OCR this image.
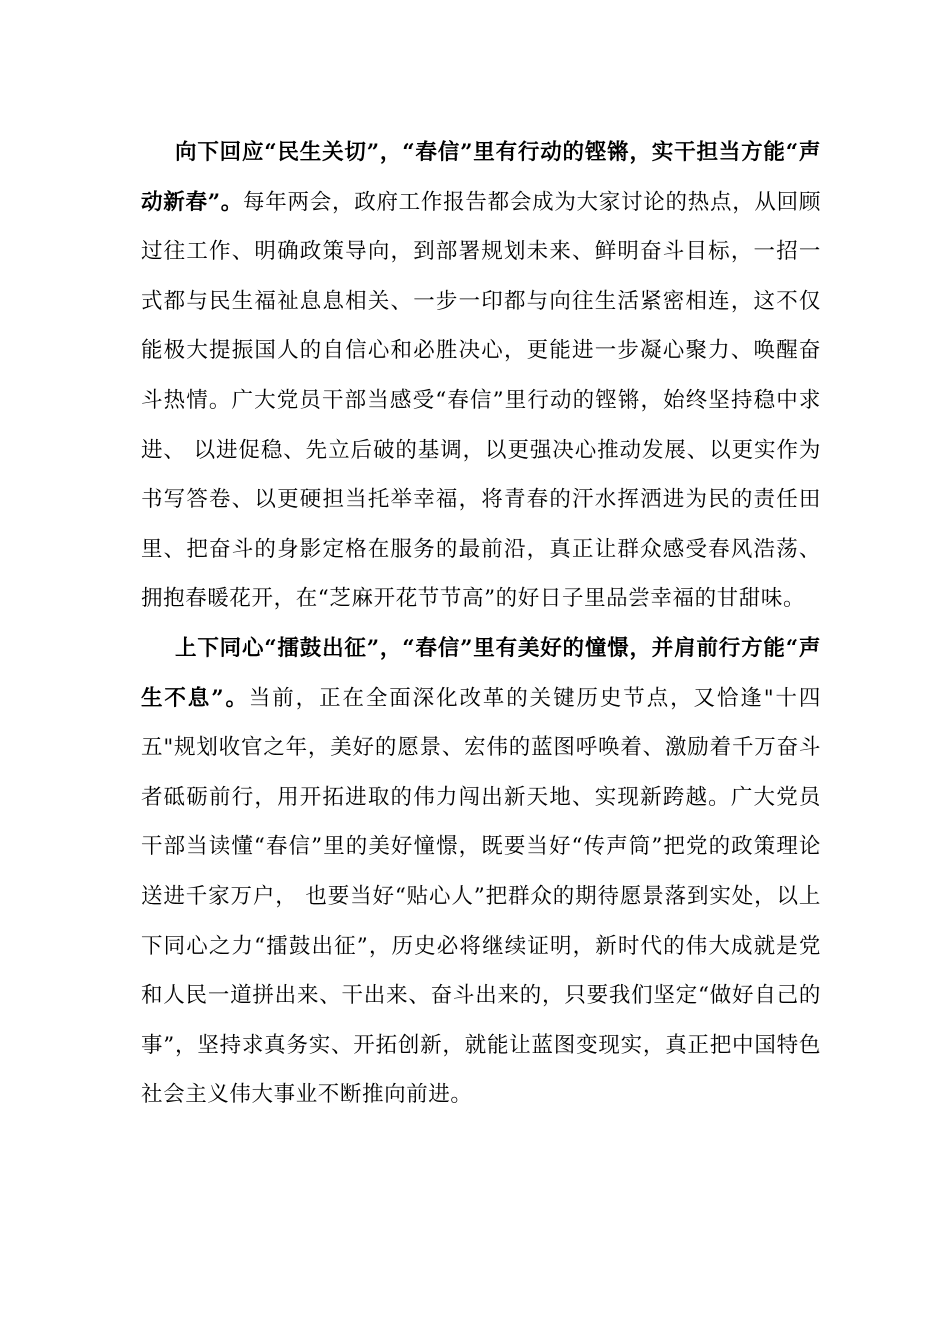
向下回应“民生关切”，“春信”里有行动的铿锵，实干担当方能“声动新春”。每年两会，政府工作报告都会成为大家讨论的热点，从回顾过往工作、明确政策导向，到部署规划未来、鲜明奋斗目标，一招一式都与民生福祉息息相关、一步一印都与向往生活紧密相连，这不仅能极大提振国人的自信心和必胜决心，更能进一步凝心聚力、唤醒奋斗热情。广大党员干部当感受“春信”里行动的铿锵，始终坚持稳中求进、 以进促稳、先立后破的基调，以更强决心推动发展、以更实作为书写答卷、以更硬担当托举幸福，将青春的汗水挥洒进为民的责任田里、把奋斗的身影定格在服务的最前沿，真正让群众感受春风浩荡、拥抱春暖花开，在“芝麻开花节节高”的好日子里品尝幸福的甘甜味。

上下同心“擂鼓出征”，“春信”里有美好的憧憬，并肩前行方能“声生不息”。当前，正在全面深化改革的关键历史节点，又恰逢"十四五"规划收官之年，美好的愿景、宏伟的蓝图呼唤着、激励着千万奋斗者砥砺前行，用开拓进取的伟力闯出新天地、实现新跨越。广大党员干部当读懂“春信”里的美好憧憬，既要当好“传声筒”把党的政策理论送进千家万户， 也要当好“贴心人”把群众的期待愿景落到实处，以上下同心之力“擂鼓出征”，历史必将继续证明，新时代的伟大成就是党和人民一道拼出来、干出来、奋斗出来的，只要我们坚定“做好自己的事”，坚持求真务实、开拓创新，就能让蓝图变现实，真正把中国特色社会主义伟大事业不断推向前进。
